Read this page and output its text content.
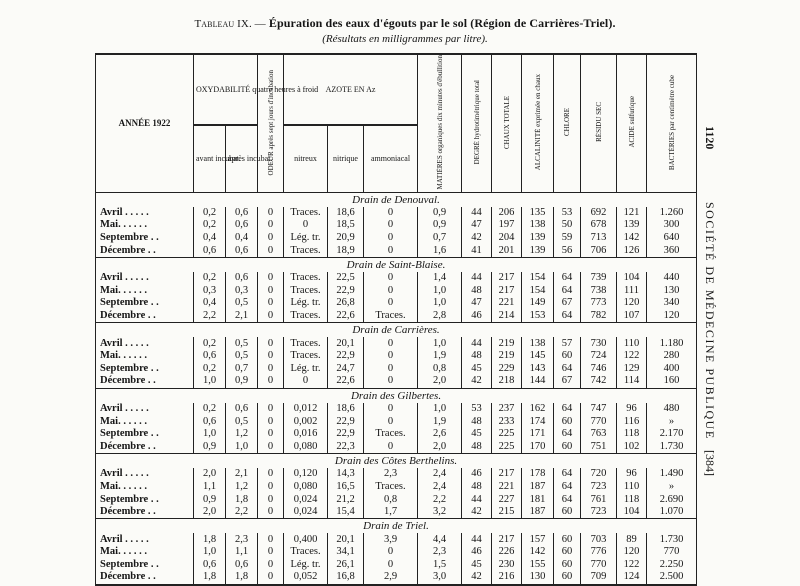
Tableau IX. — Épuration des eaux d'égouts par le sol (Région de Carrières-Triel).
(Résultats en milligrammes par litre).
1120
SOCIÉTÉ DE MÉDECINE PUBLIQUE
[384]
ANNÉE 1922	OXYDABILITÉ quatre heures à froid		ODEUR après sept jours d'incubation	AZOTE EN Az			MATIÈRES organiques dix minutes d'ébullition	DEGRÉ hydrotimétrique total	CHAUX TOTALE	ALCALINITÉ exprimée en chaux	CHLORE	RÉSIDU SEC	ACIDE sulfurique	BACTÉRIES par centimètre cube
	avant incubat.	après incubat.		nitreux	nitrique	ammoniacal								
Drain de Denouval.														
Avril . . . . .	0,2	0,6	0	Traces.	18,6	0	0,9	44	206	135	53	692	121	1.260
Mai. . . . . .	0,2	0,6	0	0	18,5	0	0,9	47	197	138	50	678	139	300
Septembre . .	0,4	0,4	0	Lég. tr.	20,9	0	0,7	42	204	139	59	713	142	640
Décembre . .	0,6	0,6	0	Traces.	18,9	0	1,6	41	201	139	56	706	126	360
Drain de Saint-Blaise.														
Avril . . . . .	0,2	0,6	0	Traces.	22,5	0	1,4	44	217	154	64	739	104	440
Mai. . . . . .	0,3	0,3	0	Traces.	22,9	0	1,0	48	217	154	64	738	111	130
Septembre . .	0,4	0,5	0	Lég. tr.	26,8	0	1,0	47	221	149	67	773	120	340
Décembre . .	2,2	2,1	0	Traces.	22,6	Traces.	2,8	46	214	153	64	782	107	120
Drain de Carrières.														
Avril . . . . .	0,2	0,5	0	Traces.	20,1	0	1,0	44	219	138	57	730	110	1.180
Mai. . . . . .	0,6	0,5	0	Traces.	22,9	0	1,9	48	219	145	60	724	122	280
Septembre . .	0,2	0,7	0	Lég. tr.	24,7	0	0,8	45	229	143	64	746	129	400
Décembre . .	1,0	0,9	0	0	22,6	0	2,0	42	218	144	67	742	114	160
Drain des Gilbertes.														
Avril . . . . .	0,2	0,6	0	0,012	18,6	0	1,0	53	237	162	64	747	96	480
Mai. . . . . .	0,6	0,5	0	0,002	22,9	0	1,9	48	233	174	60	770	116	»
Septembre . .	1,0	1,2	0	0,016	22,9	Traces.	2,6	45	225	171	64	763	118	2.170
Décembre . .	0,9	1,0	0	0,080	22,3	0	2,0	48	225	170	60	751	102	1.730
Drain des Côtes Berthelins.														
Avril . . . . .	2,0	2,1	0	0,120	14,3	2,3	2,4	46	217	178	64	720	96	1.490
Mai. . . . . .	1,1	1,2	0	0,080	16,5	Traces.	2,4	48	221	187	64	723	110	»
Septembre . .	0,9	1,8	0	0,024	21,2	0,8	2,2	44	227	181	64	761	118	2.690
Décembre . .	2,0	2,2	0	0,024	15,4	1,7	3,2	42	215	187	60	723	104	1.070
Drain de Triel.														
Avril . . . . .	1,8	2,3	0	0,400	20,1	3,9	4,4	44	217	157	60	703	89	1.730
Mai. . . . . .	1,0	1,1	0	Traces.	34,1	0	2,3	46	226	142	60	776	120	770
Septembre . .	0,6	0,6	0	Lég. tr.	26,1	0	1,5	45	230	155	60	770	122	2.250
Décembre . .	1,8	1,8	0	0,052	16,8	2,9	3,0	42	216	130	60	709	124	2.500
